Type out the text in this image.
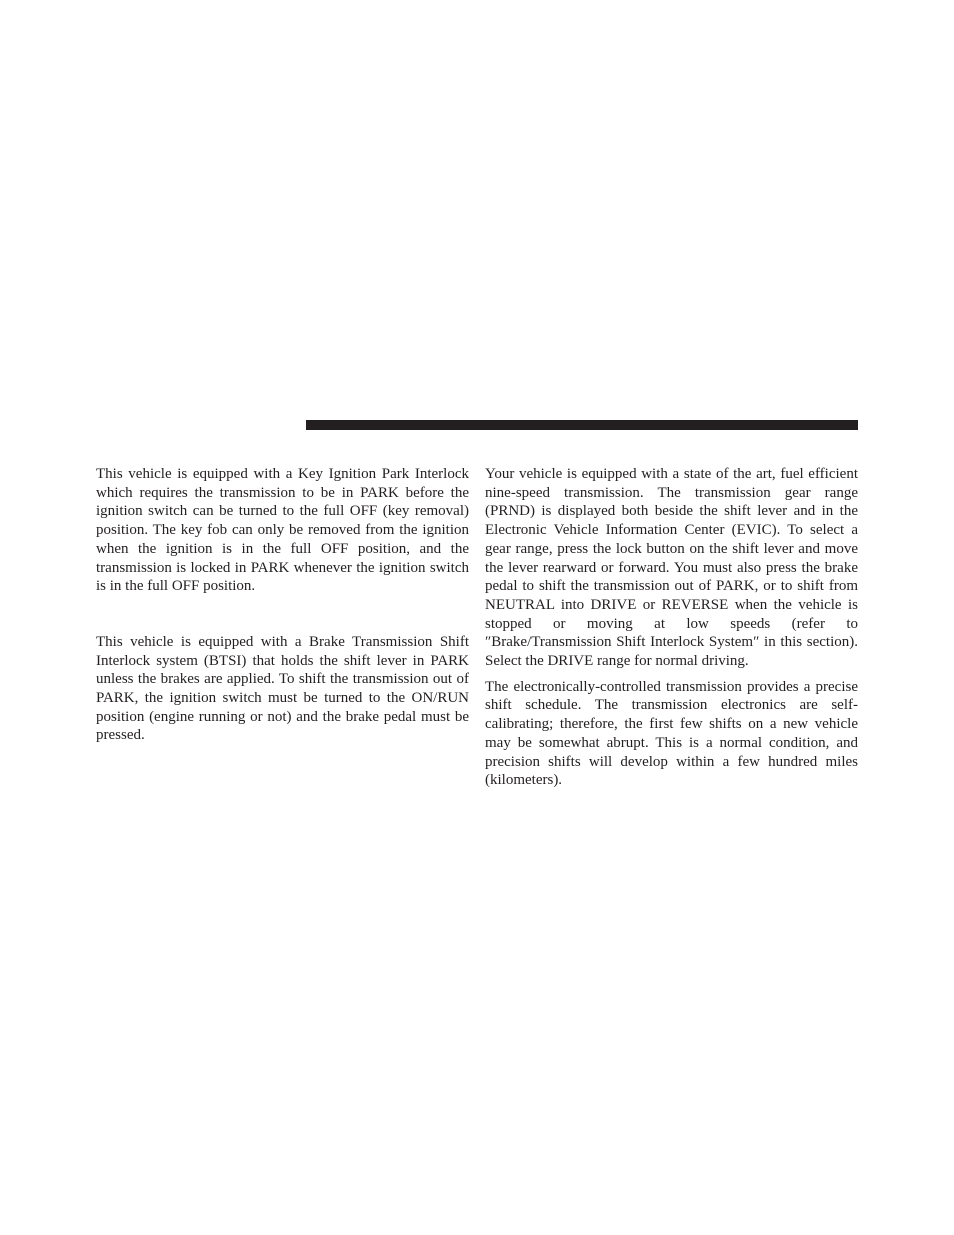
This vehicle is equipped with a Key Ignition Park Interlock which requires the transmission to be in PARK before the ignition switch can be turned to the full OFF (key removal) position. The key fob can only be removed from the ignition when the ignition is in the full OFF position, and the transmission is locked in PARK whenever the ignition switch is in the full OFF position.

This vehicle is equipped with a Brake Transmission Shift Interlock system (BTSI) that holds the shift lever in PARK unless the brakes are applied. To shift the transmission out of PARK, the ignition switch must be turned to the ON/RUN position (engine running or not) and the brake pedal must be pressed.

Your vehicle is equipped with a state of the art, fuel efficient nine-speed transmission. The transmission gear range (PRND) is displayed both beside the shift lever and in the Electronic Vehicle Information Center (EVIC). To select a gear range, press the lock button on the shift lever and move the lever rearward or forward. You must also press the brake pedal to shift the transmission out of PARK, or to shift from NEUTRAL into DRIVE or REVERSE when the vehicle is stopped or moving at low speeds (refer to ″Brake/Transmission Shift Interlock System″ in this section). Select the DRIVE range for normal driving.

The electronically-controlled transmission provides a precise shift schedule. The transmission electronics are self-calibrating; therefore, the first few shifts on a new vehicle may be somewhat abrupt. This is a normal condition, and precision shifts will develop within a few hundred miles (kilometers).
